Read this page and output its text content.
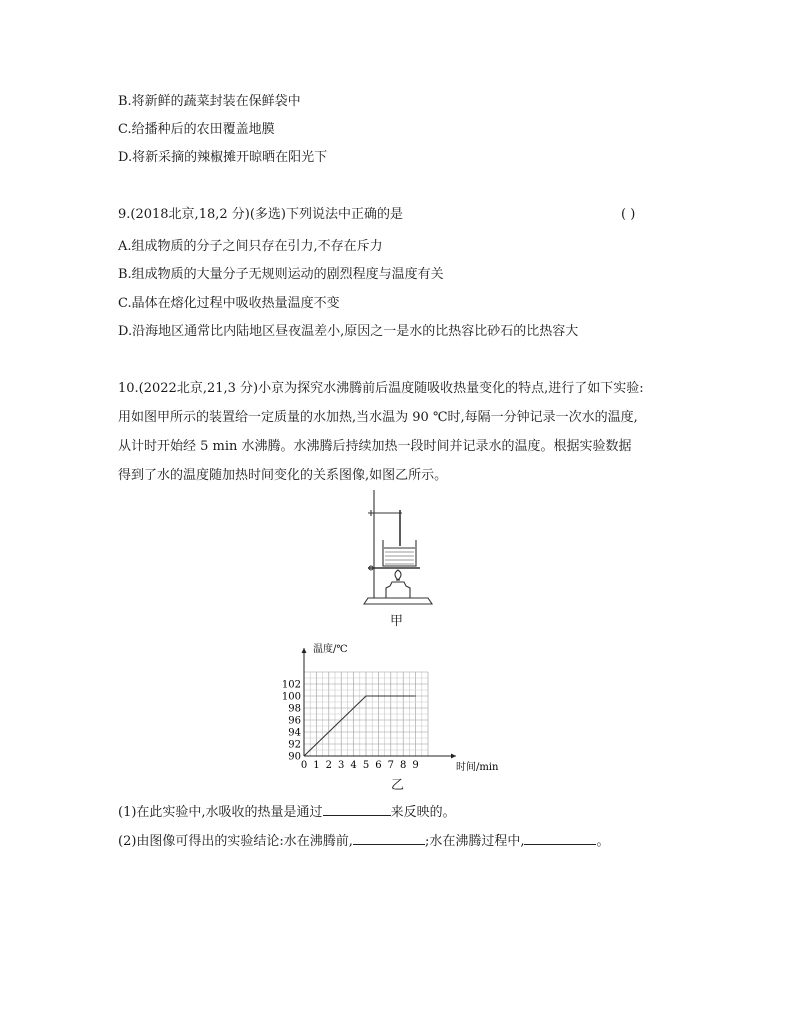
B.将新鲜的蔬菜封装在保鲜袋中
C.给播种后的农田覆盖地膜
D.将新采摘的辣椒摊开晾晒在阳光下
9.(2018北京,18,2 分)(多选)下列说法中正确的是	( )
A.组成物质的分子之间只存在引力,不存在斥力
B.组成物质的大量分子无规则运动的剧烈程度与温度有关
C.晶体在熔化过程中吸收热量温度不变
D.沿海地区通常比内陆地区昼夜温差小,原因之一是水的比热容比砂石的比热容大
10.(2022北京,21,3 分)小京为探究水沸腾前后温度随吸收热量变化的特点,进行了如下实验:
用如图甲所示的装置给一定质量的水加热,当水温为 90 ℃时,每隔一分钟记录一次水的温度,
从计时开始经 5 min 水沸腾。水沸腾后持续加热一段时间并记录水的温度。根据实验数据
得到了水的温度随加热时间变化的关系图像,如图乙所示。
甲
0 1 2 3 4 5 6 7 8 9
90
92
94
96
98
100
102
温度/℃
时间/min
乙
(1)在此实验中,水吸收的热量是通过	来反映的。
(2)由图像可得出的实验结论:水在沸腾前,	;水在沸腾过程中,	。
